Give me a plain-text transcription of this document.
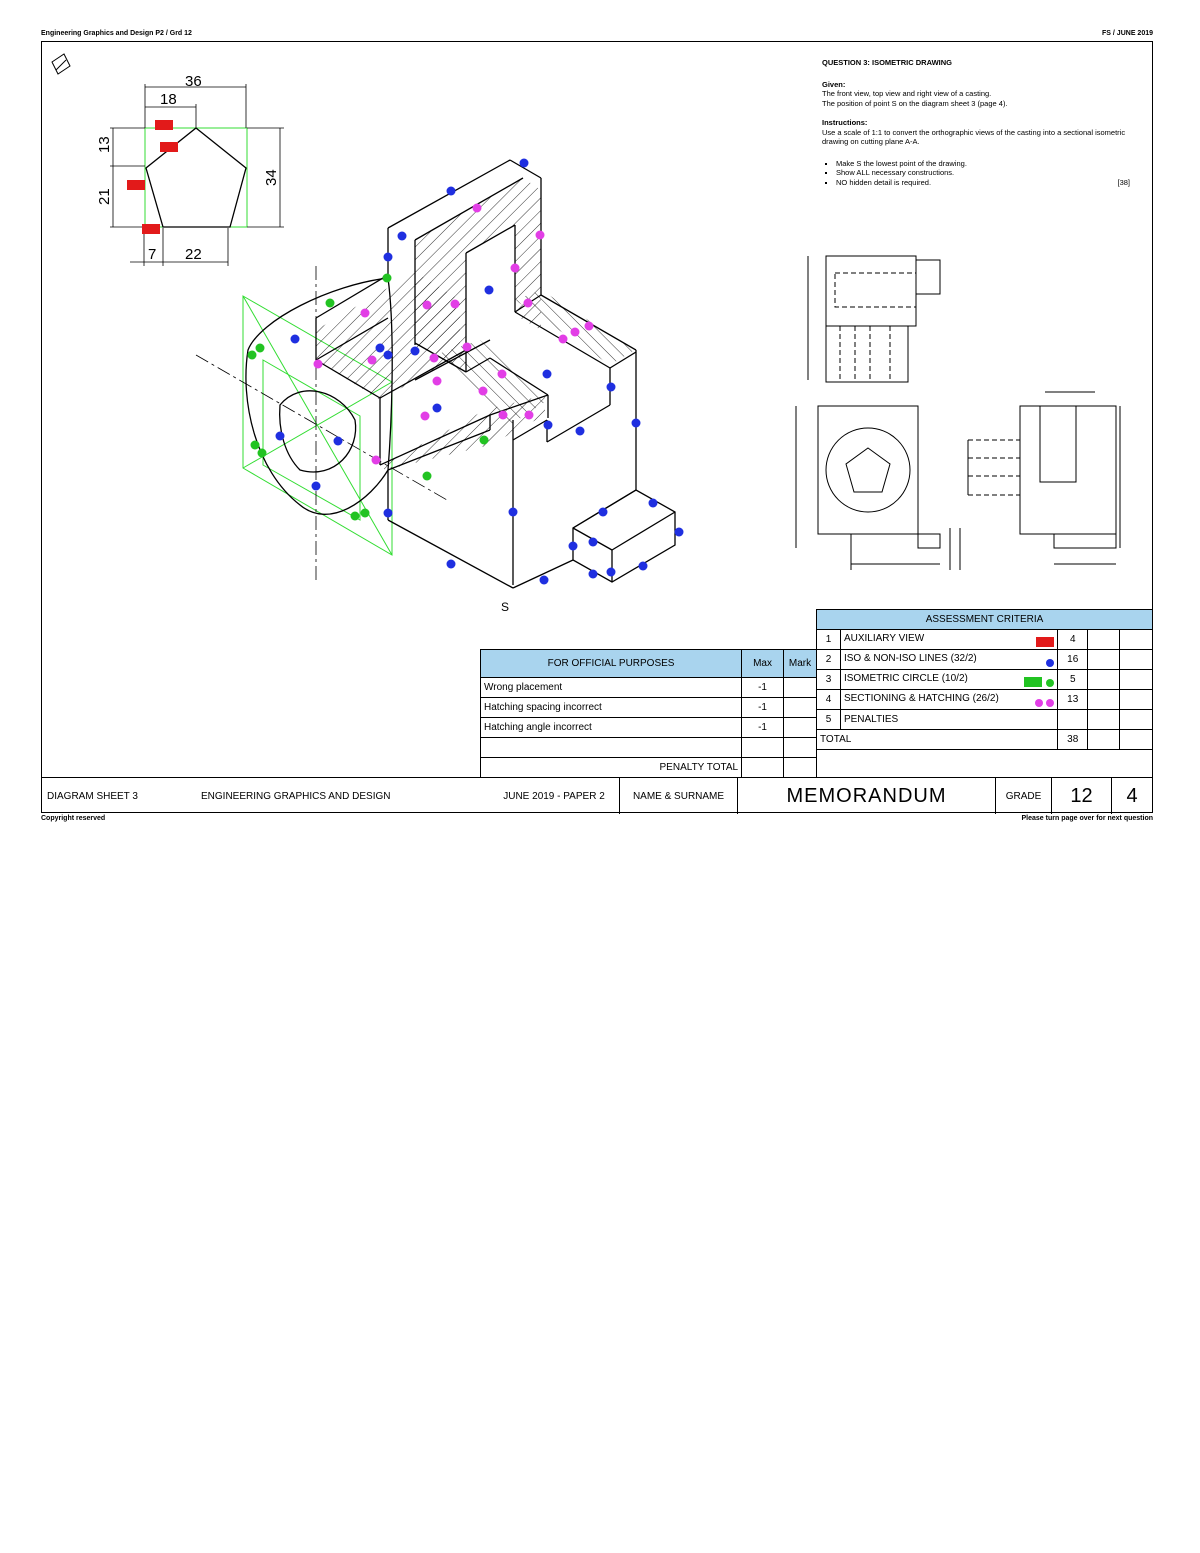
Engineering Graphics and Design P2 / Grd 12	FS / JUNE 2019
Copyright reserved	Please turn page over for next question
36
18
13
21
34
7 22
S
QUESTION 3: ISOMETRIC DRAWING
Given:
The front view, top view and right view of a casting.
The position of point S on the diagram sheet 3 (page 4).
Instructions:
Use a scale of 1:1 to convert the orthographic views of the casting into a sectional isometric drawing on cutting plane A-A.
▪ Make S the lowest point of the drawing.
▪ Show ALL necessary constructions.
▪ NO hidden detail is required.	[38]
FOR OFFICIAL PURPOSES	Max	Mark
Wrong placement	-1	
Hatching spacing incorrect	-1	
Hatching angle incorrect	-1	

PENALTY TOTAL		
ASSESSMENT CRITERIA				
1	AUXILIARY VIEW	4		
2	ISO & NON-ISO LINES (32/2)	16		
3	ISOMETRIC CIRCLE (10/2)	5		
4	SECTIONING & HATCHING (26/2)	13		
5	PENALTIES			
TOTAL		38		
DIAGRAM SHEET 3	ENGINEERING GRAPHICS AND DESIGN	JUNE 2019 - PAPER 2	NAME & SURNAME	MEMORANDUM	GRADE	12	4
